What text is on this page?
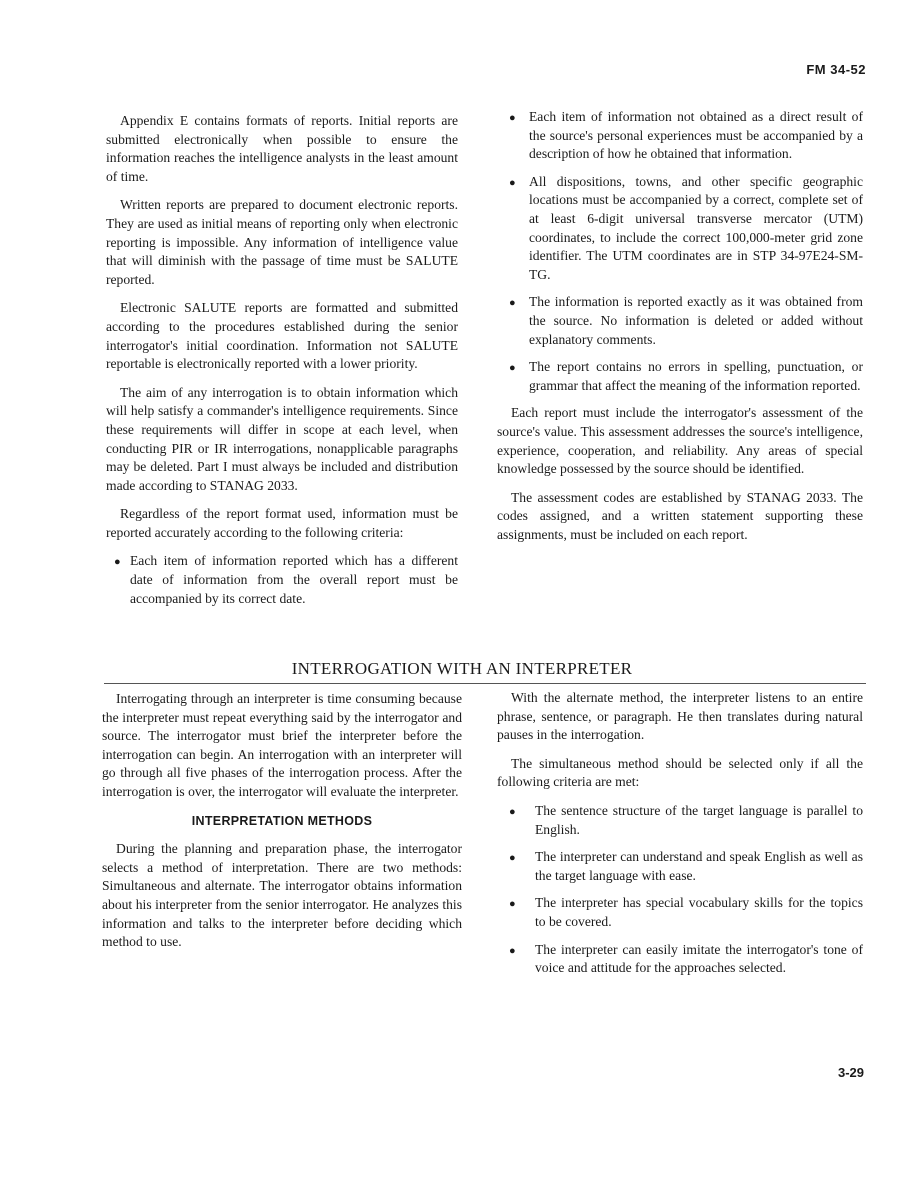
FM 34-52

Appendix E contains formats of reports. Initial reports are submitted electronically when possible to ensure the information reaches the intelligence analysts in the least amount of time.

Written reports are prepared to document electronic reports. They are used as initial means of reporting only when electronic reporting is impossible. Any information of intelligence value that will diminish with the passage of time must be SALUTE reported.

Electronic SALUTE reports are formatted and submitted according to the procedures established during the senior interrogator's initial coordination. Information not SALUTE reportable is electronically reported with a lower priority.

The aim of any interrogation is to obtain information which will help satisfy a commander's intelligence requirements. Since these requirements will differ in scope at each level, when conducting PIR or IR interrogations, nonapplicable paragraphs may be deleted. Part I must always be included and distribution made according to STANAG 2033.

Regardless of the report format used, information must be reported accurately according to the following criteria:

● Each item of information reported which has a different date of information from the overall report must be accompanied by its correct date.
● Each item of information not obtained as a direct result of the source's personal experiences must be accompanied by a description of how he obtained that information.
● All dispositions, towns, and other specific geographic locations must be accompanied by a correct, complete set of at least 6-digit universal transverse mercator (UTM) coordinates, to include the correct 100,000-meter grid zone identifier. The UTM coordinates are in STP 34-97E24-SM-TG.
● The information is reported exactly as it was obtained from the source. No information is deleted or added without explanatory comments.
● The report contains no errors in spelling, punctuation, or grammar that affect the meaning of the information reported.

Each report must include the interrogator's assessment of the source's value. This assessment addresses the source's intelligence, experience, cooperation, and reliability. Any areas of special knowledge possessed by the source should be identified.

The assessment codes are established by STANAG 2033. The codes assigned, and a written statement supporting these assignments, must be included on each report.

INTERROGATION WITH AN INTERPRETER

Interrogating through an interpreter is time consuming because the interpreter must repeat everything said by the interrogator and source. The interrogator must brief the interpreter before the interrogation can begin. An interrogation with an interpreter will go through all five phases of the interrogation process. After the interrogation is over, the interrogator will evaluate the interpreter.

INTERPRETATION METHODS

During the planning and preparation phase, the interrogator selects a method of interpretation. There are two methods: Simultaneous and alternate. The interrogator obtains information about his interpreter from the senior interrogator. He analyzes this information and talks to the interpreter before deciding which method to use.

With the alternate method, the interpreter listens to an entire phrase, sentence, or paragraph. He then translates during natural pauses in the interrogation.

The simultaneous method should be selected only if all the following criteria are met:

● The sentence structure of the target language is parallel to English.
● The interpreter can understand and speak English as well as the target language with ease.
● The interpreter has special vocabulary skills for the topics to be covered.
● The interpreter can easily imitate the interrogator's tone of voice and attitude for the approaches selected.
3-29
